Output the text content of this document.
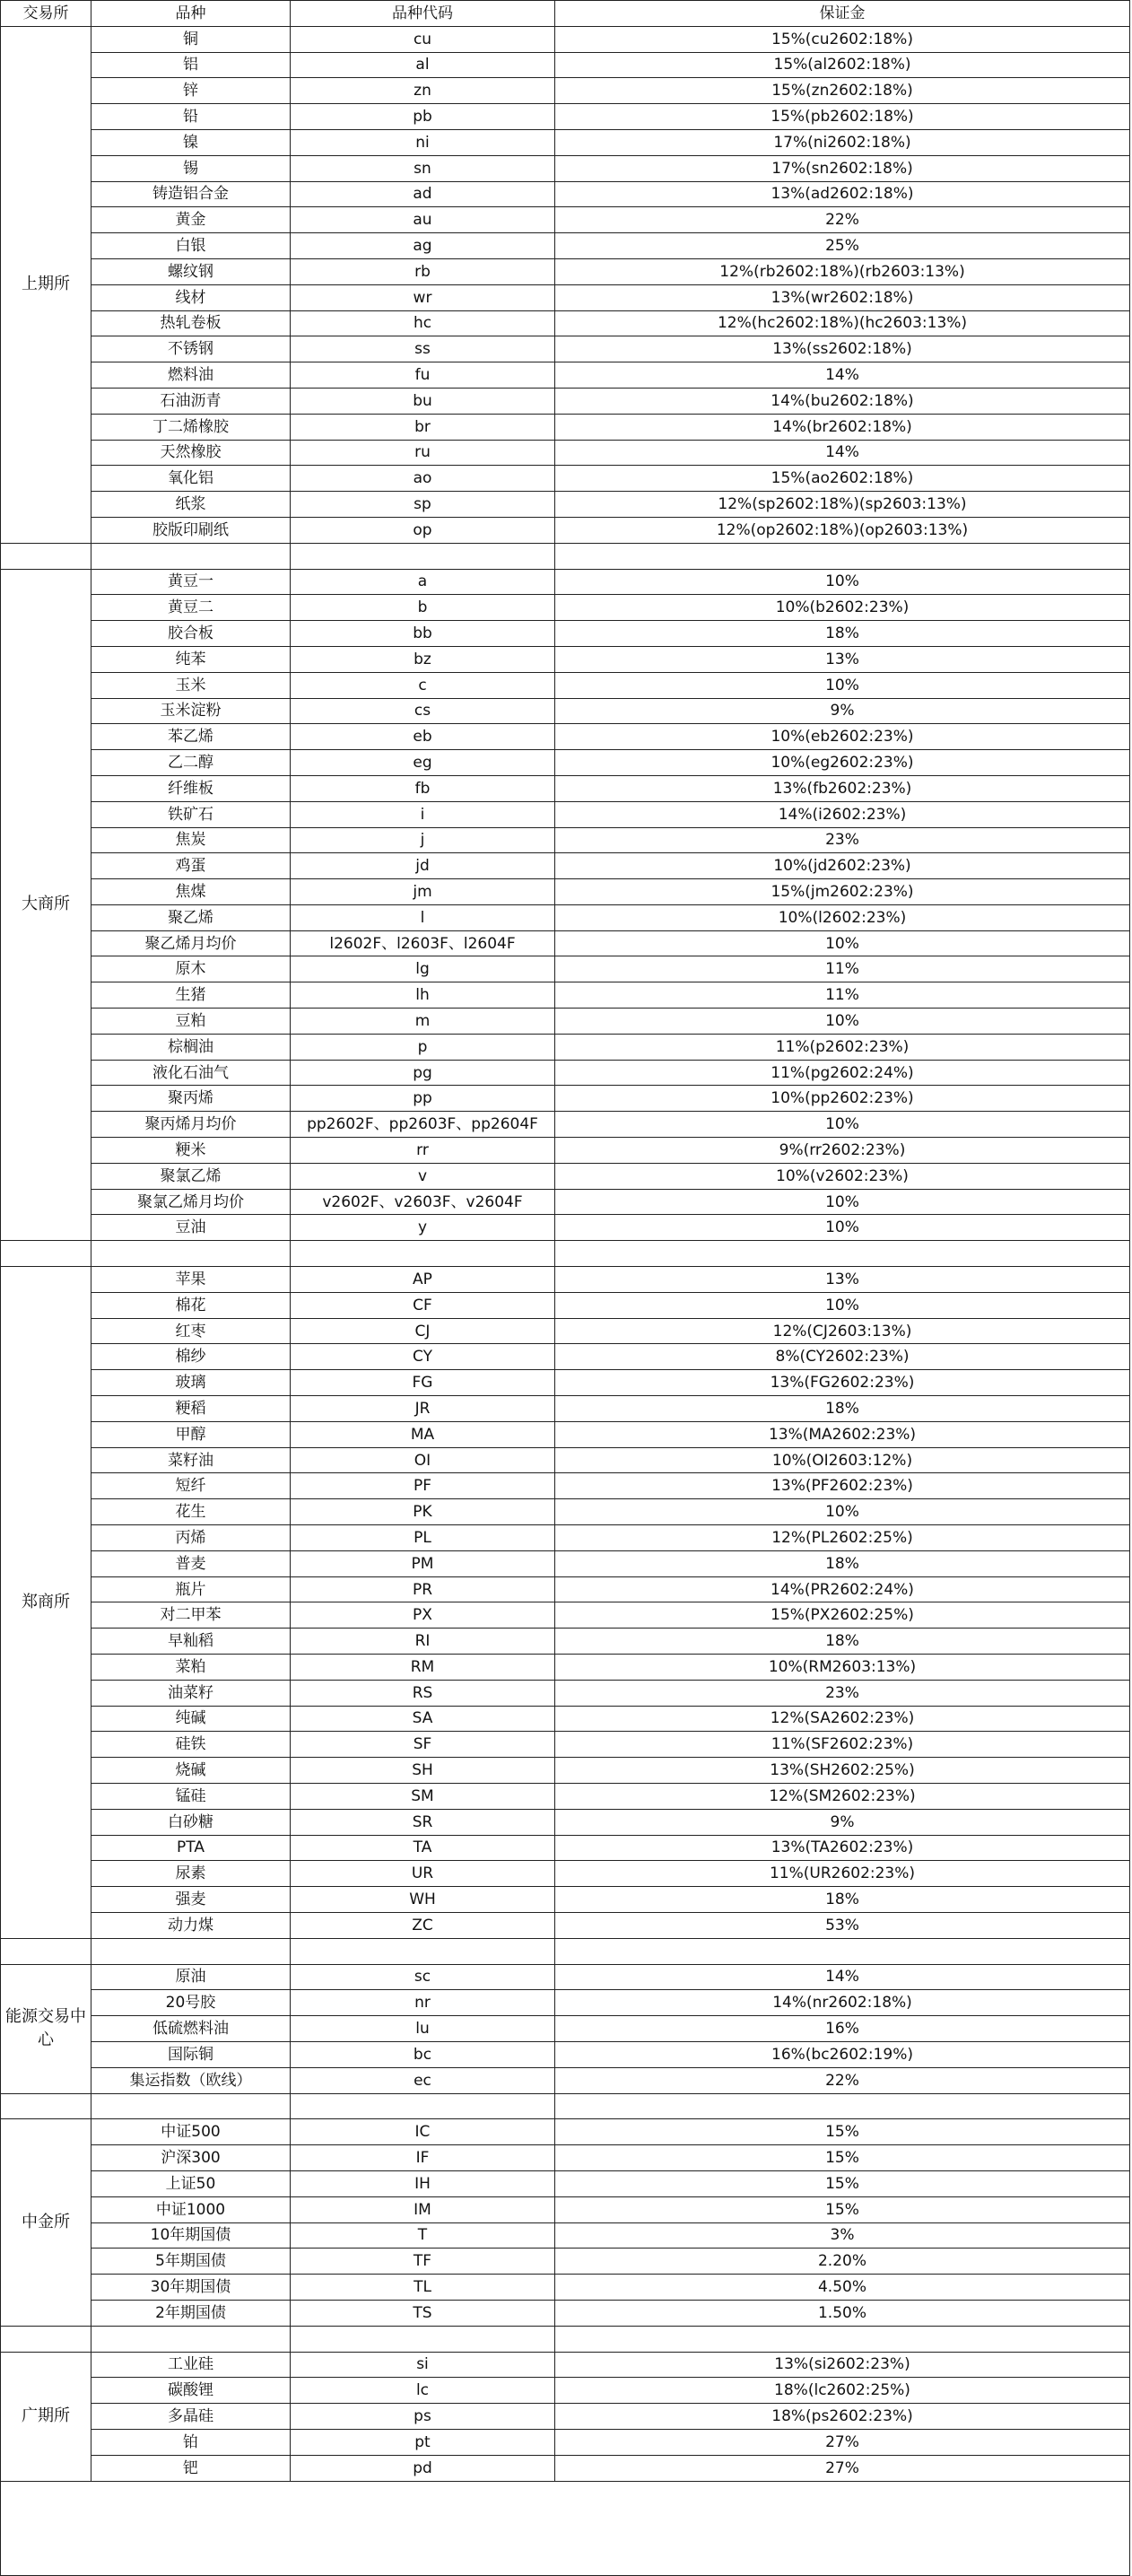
交易所	品种	品种代码	保证金
上期所	铜	cu	15%(cu2602:18%)
	铝	al	15%(al2602:18%)
	锌	zn	15%(zn2602:18%)
	铅	pb	15%(pb2602:18%)
	镍	ni	17%(ni2602:18%)
	锡	sn	17%(sn2602:18%)
	铸造铝合金	ad	13%(ad2602:18%)
	黄金	au	22%
	白银	ag	25%
	螺纹钢	rb	12%(rb2602:18%)(rb2603:13%)
	线材	wr	13%(wr2602:18%)
	热轧卷板	hc	12%(hc2602:18%)(hc2603:13%)
	不锈钢	ss	13%(ss2602:18%)
	燃料油	fu	14%
	石油沥青	bu	14%(bu2602:18%)
	丁二烯橡胶	br	14%(br2602:18%)
	天然橡胶	ru	14%
	氧化铝	ao	15%(ao2602:18%)
	纸浆	sp	12%(sp2602:18%)(sp2603:13%)
	胶版印刷纸	op	12%(op2602:18%)(op2603:13%)

大商所	黄豆一	a	10%
	黄豆二	b	10%(b2602:23%)
	胶合板	bb	18%
	纯苯	bz	13%
	玉米	c	10%
	玉米淀粉	cs	9%
	苯乙烯	eb	10%(eb2602:23%)
	乙二醇	eg	10%(eg2602:23%)
	纤维板	fb	13%(fb2602:23%)
	铁矿石	i	14%(i2602:23%)
	焦炭	j	23%
	鸡蛋	jd	10%(jd2602:23%)
	焦煤	jm	15%(jm2602:23%)
	聚乙烯	l	10%(l2602:23%)
	聚乙烯月均价	l2602F、l2603F、l2604F	10%
	原木	lg	11%
	生猪	lh	11%
	豆粕	m	10%
	棕榈油	p	11%(p2602:23%)
	液化石油气	pg	11%(pg2602:24%)
	聚丙烯	pp	10%(pp2602:23%)
	聚丙烯月均价	pp2602F、pp2603F、pp2604F	10%
	粳米	rr	9%(rr2602:23%)
	聚氯乙烯	v	10%(v2602:23%)
	聚氯乙烯月均价	v2602F、v2603F、v2604F	10%
	豆油	y	10%

郑商所	苹果	AP	13%
	棉花	CF	10%
	红枣	CJ	12%(CJ2603:13%)
	棉纱	CY	8%(CY2602:23%)
	玻璃	FG	13%(FG2602:23%)
	粳稻	JR	18%
	甲醇	MA	13%(MA2602:23%)
	菜籽油	OI	10%(OI2603:12%)
	短纤	PF	13%(PF2602:23%)
	花生	PK	10%
	丙烯	PL	12%(PL2602:25%)
	普麦	PM	18%
	瓶片	PR	14%(PR2602:24%)
	对二甲苯	PX	15%(PX2602:25%)
	早籼稻	RI	18%
	菜粕	RM	10%(RM2603:13%)
	油菜籽	RS	23%
	纯碱	SA	12%(SA2602:23%)
	硅铁	SF	11%(SF2602:23%)
	烧碱	SH	13%(SH2602:25%)
	锰硅	SM	12%(SM2602:23%)
	白砂糖	SR	9%
	PTA	TA	13%(TA2602:23%)
	尿素	UR	11%(UR2602:23%)
	强麦	WH	18%
	动力煤	ZC	53%

能源交易中心	原油	sc	14%
	20号胶	nr	14%(nr2602:18%)
	低硫燃料油	lu	16%
	国际铜	bc	16%(bc2602:19%)
	集运指数（欧线）	ec	22%

中金所	中证500	IC	15%
	沪深300	IF	15%
	上证50	IH	15%
	中证1000	IM	15%
	10年期国债	T	3%
	5年期国债	TF	2.20%
	30年期国债	TL	4.50%
	2年期国债	TS	1.50%

广期所	工业硅	si	13%(si2602:23%)
	碳酸锂	lc	18%(lc2602:25%)
	多晶硅	ps	18%(ps2602:23%)
	铂	pt	27%
	钯	pd	27%
